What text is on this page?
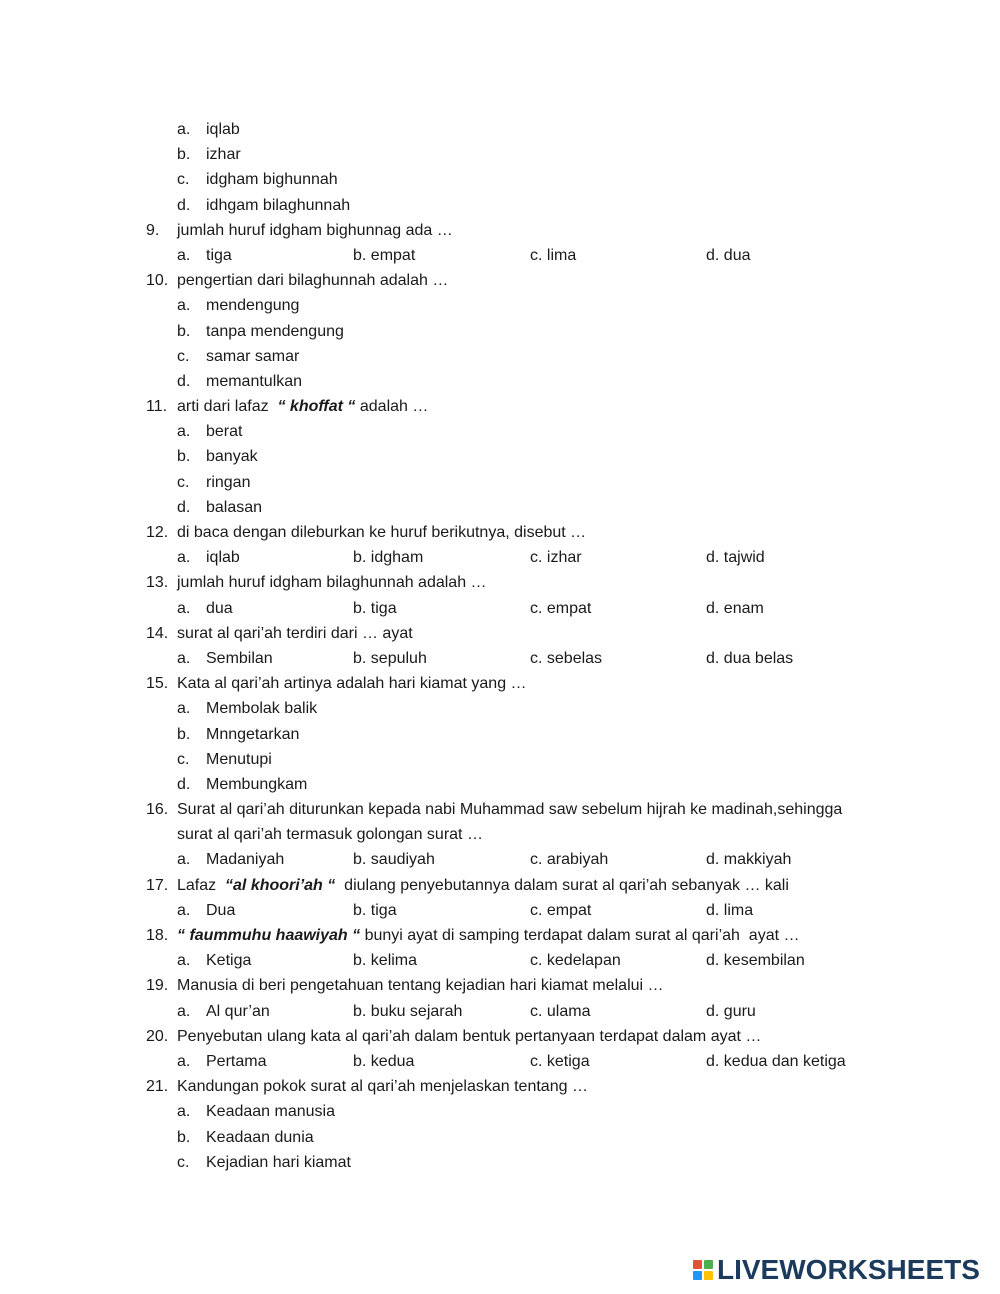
a. iqlab
b. izhar
c. idgham bighunnah
d. idhgam bilaghunnah
9. jumlah huruf idgham bighunnag ada …
a. tiga	b. empat	c. lima	d. dua
10. pengertian dari bilaghunnah adalah …
a. mendengung
b. tanpa mendengung
c. samar samar
d. memantulkan
11. arti dari lafaz  “ khoffat “ adalah …
a. berat
b. banyak
c. ringan
d. balasan
12. di baca dengan dileburkan ke huruf berikutnya, disebut …
a. iqlab	b. idgham	c. izhar	d. tajwid
13. jumlah huruf idgham bilaghunnah adalah …
a. dua	b. tiga	c. empat	d. enam
14. surat al qari’ah terdiri dari … ayat
a. Sembilan	b. sepuluh	c. sebelas	d. dua belas
15. Kata al qari’ah artinya adalah hari kiamat yang …
a. Membolak balik
b. Mnngetarkan
c. Menutupi
d. Membungkam
16. Surat al qari’ah diturunkan kepada nabi Muhammad saw sebelum hijrah ke madinah,sehingga
surat al qari’ah termasuk golongan surat …
a. Madaniyah	b. saudiyah	c. arabiyah	d. makkiyah
17. Lafaz  “al khoori’ah “  diulang penyebutannya dalam surat al qari’ah sebanyak … kali
a. Dua	b. tiga	c. empat	d. lima
18. “ faummuhu haawiyah “ bunyi ayat di samping terdapat dalam surat al qari’ah  ayat …
a. Ketiga	b. kelima	c. kedelapan	d. kesembilan
19. Manusia di beri pengetahuan tentang kejadian hari kiamat melalui …
a. Al qur’an	b. buku sejarah	c. ulama	d. guru
20. Penyebutan ulang kata al qari’ah dalam bentuk pertanyaan terdapat dalam ayat …
a. Pertama	b. kedua	c. ketiga	d. kedua dan ketiga
21. Kandungan pokok surat al qari’ah menjelaskan tentang …
a. Keadaan manusia
b. Keadaan dunia
c. Kejadian hari kiamat
LIVEWORKSHEETS
